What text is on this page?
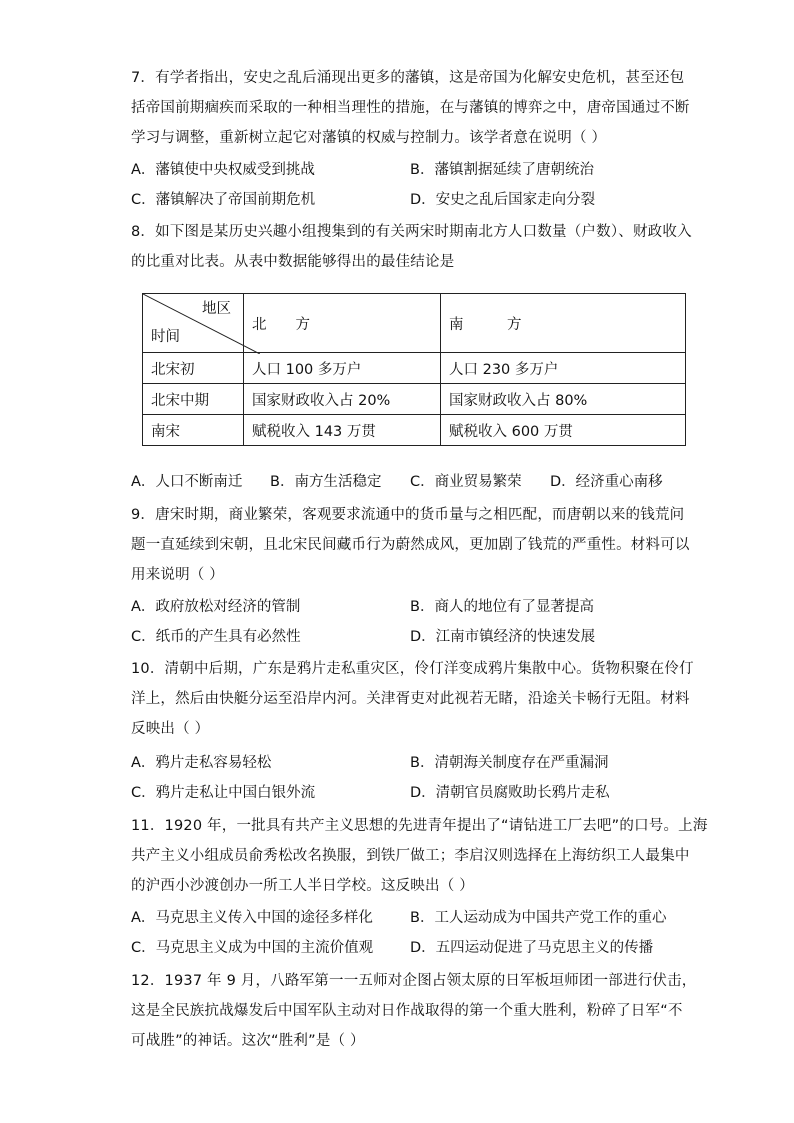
7．有学者指出，安史之乱后涌现出更多的藩镇，这是帝国为化解安史危机，甚至还包
括帝国前期痼疾而采取的一种相当理性的措施，在与藩镇的博弈之中，唐帝国通过不断
学习与调整，重新树立起它对藩镇的权威与控制力。该学者意在说明（ ）
A．藩镇使中央权威受到挑战	B．藩镇割据延续了唐朝统治
C．藩镇解决了帝国前期危机	D．安史之乱后国家走向分裂
8．如下图是某历史兴趣小组搜集到的有关两宋时期南北方人口数量（户数）、财政收入
的比重对比表。从表中数据能够得出的最佳结论是
地区
时间	北　　方	南　　　方
北宋初	人口 100 多万户	人口 230 多万户
北宋中期	国家财政收入占 20%	国家财政收入占 80%
南宋	赋税收入 143 万贯	赋税收入 600 万贯
A．人口不断南迁 B．南方生活稳定 C．商业贸易繁荣 D．经济重心南移
9．唐宋时期，商业繁荣，客观要求流通中的货币量与之相匹配，而唐朝以来的钱荒问
题一直延续到宋朝，且北宋民间藏币行为蔚然成风，更加剧了钱荒的严重性。材料可以
用来说明（ ）
A．政府放松对经济的管制	B．商人的地位有了显著提高
C．纸币的产生具有必然性	D．江南市镇经济的快速发展
10．清朝中后期，广东是鸦片走私重灾区，伶仃洋变成鸦片集散中心。货物积聚在伶仃
洋上，然后由快艇分运至沿岸内河。关津胥吏对此视若无睹，沿途关卡畅行无阻。材料
反映出（ ）
A．鸦片走私容易轻松	B．清朝海关制度存在严重漏洞
C．鸦片走私让中国白银外流	D．清朝官员腐败助长鸦片走私
11．1920 年，一批具有共产主义思想的先进青年提出了“请钻进工厂去吧”的口号。上海
共产主义小组成员俞秀松改名换服，到铁厂做工；李启汉则选择在上海纺织工人最集中
的沪西小沙渡创办一所工人半日学校。这反映出（ ）
A．马克思主义传入中国的途径多样化	B．工人运动成为中国共产党工作的重心
C．马克思主义成为中国的主流价值观	D．五四运动促进了马克思主义的传播
12．1937 年 9 月，八路军第一一五师对企图占领太原的日军板垣师团一部进行伏击，
这是全民族抗战爆发后中国军队主动对日作战取得的第一个重大胜利，粉碎了日军“不
可战胜”的神话。这次“胜利”是（ ）
